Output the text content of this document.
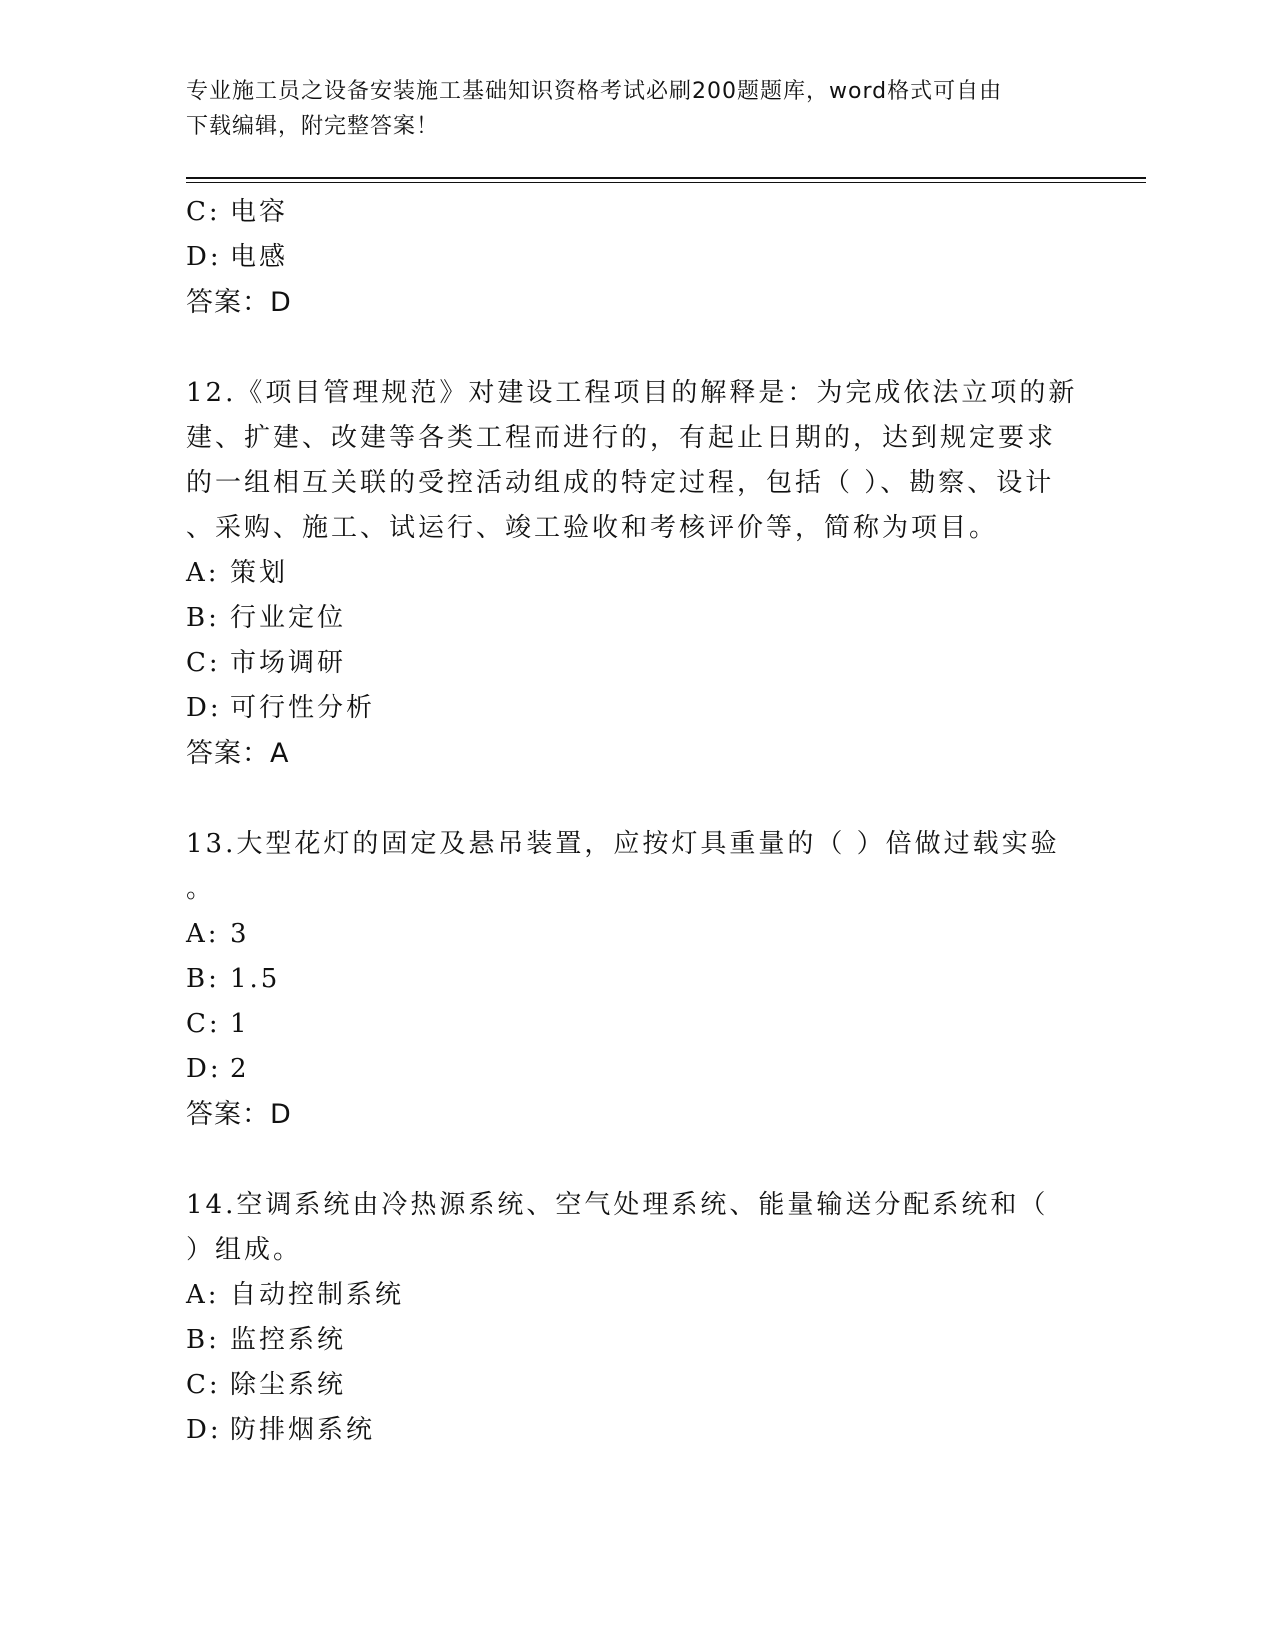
专业施工员之设备安装施工基础知识资格考试必刷200题题库，word格式可自由
下载编辑，附完整答案！
C: 电容
D: 电感
答案：D
12.《项目管理规范》对建设工程项目的解释是：为完成依法立项的新
建、扩建、改建等各类工程而进行的，有起止日期的，达到规定要求
的一组相互关联的受控活动组成的特定过程，包括（ ）、勘察、设计
、采购、施工、试运行、竣工验收和考核评价等，简称为项目。
A: 策划
B: 行业定位
C: 市场调研
D: 可行性分析
答案：A
13.大型花灯的固定及悬吊装置，应按灯具重量的（ ）倍做过载实验
。
A: 3
B: 1.5
C: 1
D: 2
答案：D
14.空调系统由冷热源系统、空气处理系统、能量输送分配系统和（
）组成。
A: 自动控制系统
B: 监控系统
C: 除尘系统
D: 防排烟系统
